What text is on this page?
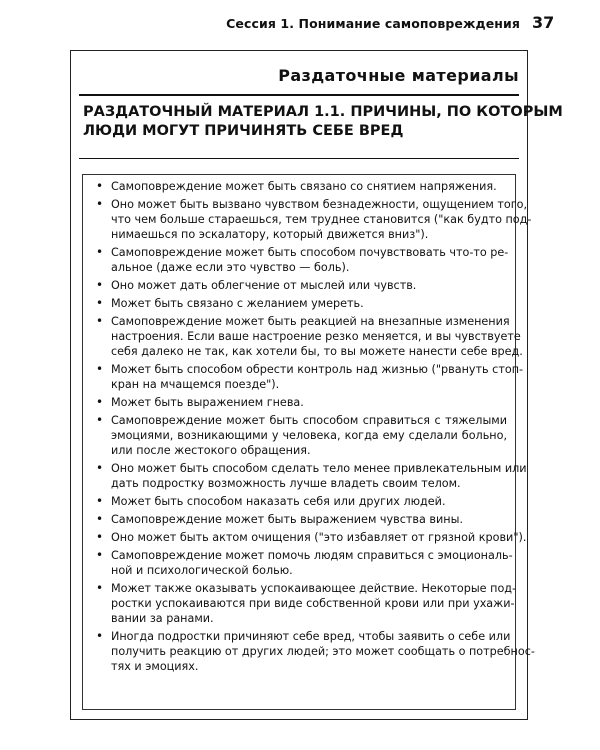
Сессия 1. Понимание самоповреждения 37
Раздаточные материалы
РАЗДАТОЧНЫЙ МАТЕРИАЛ 1.1. ПРИЧИНЫ, ПО КОТОРЫМ
ЛЮДИ МОГУТ ПРИЧИНЯТЬ СЕБЕ ВРЕД
• Самоповреждение может быть связано со снятием напряжения.
• Оно может быть вызвано чувством безнадежности, ощущением того,
что чем больше стараешься, тем труднее становится ("как будто под-
нимаешься по эскалатору, который движется вниз").
• Самоповреждение может быть способом почувствовать что-то ре-
альное (даже если это чувство — боль).
• Оно может дать облегчение от мыслей или чувств.
• Может быть связано с желанием умереть.
• Самоповреждение может быть реакцией на внезапные изменения
настроения. Если ваше настроение резко меняется, и вы чувствуете
себя далеко не так, как хотели бы, то вы можете нанести себе вред.
• Может быть способом обрести контроль над жизнью ("рвануть стоп-
кран на мчащемся поезде").
• Может быть выражением гнева.
• Самоповреждение может быть способом справиться с тяжелыми
эмоциями, возникающими у человека, когда ему сделали больно,
или после жестокого обращения.
• Оно может быть способом сделать тело менее привлекательным или
дать подростку возможность лучше владеть своим телом.
• Может быть способом наказать себя или других людей.
• Самоповреждение может быть выражением чувства вины.
• Оно может быть актом очищения ("это избавляет от грязной крови").
• Самоповреждение может помочь людям справиться с эмоциональ-
ной и психологической болью.
• Может также оказывать успокаивающее действие. Некоторые под-
ростки успокаиваются при виде собственной крови или при ухажи-
вании за ранами.
• Иногда подростки причиняют себе вред, чтобы заявить о себе или
получить реакцию от других людей; это может сообщать о потребнос-
тях и эмоциях.
